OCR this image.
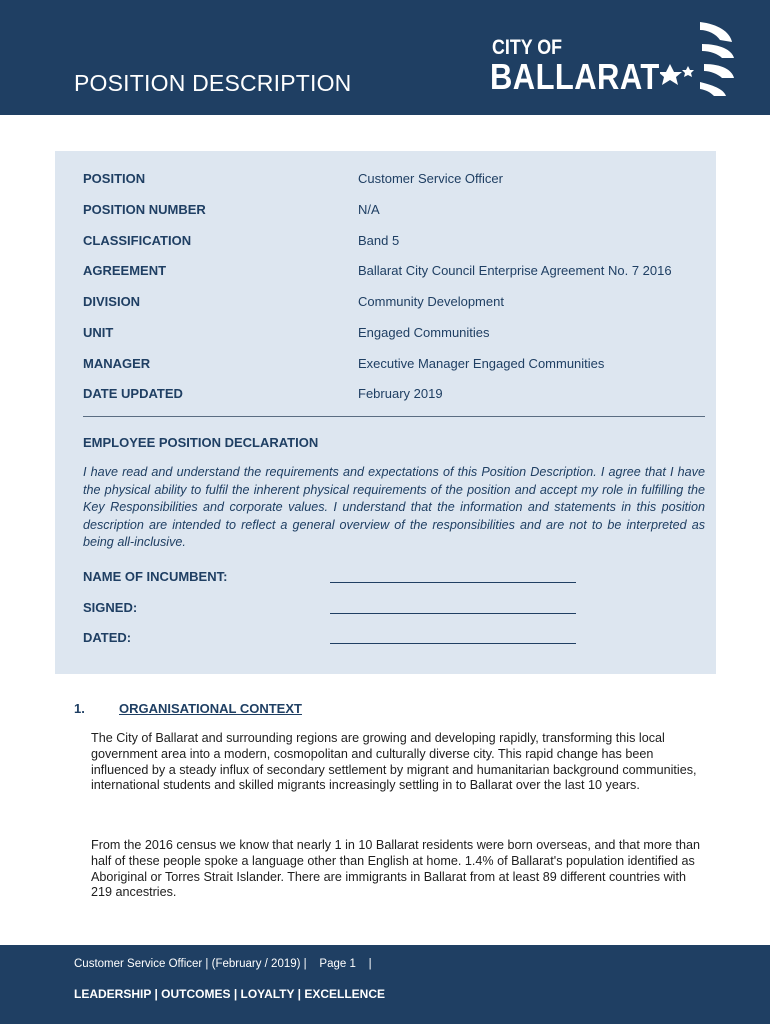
POSITION DESCRIPTION
CITY OF
BALLARAT
POSITION	Customer Service Officer
POSITION NUMBER	N/A
CLASSIFICATION	Band 5
AGREEMENT	Ballarat City Council Enterprise Agreement No. 7 2016
DIVISION	Community Development
UNIT	Engaged Communities
MANAGER	Executive Manager Engaged Communities
DATE UPDATED	February 2019
EMPLOYEE POSITION DECLARATION
I have read and understand the requirements and expectations of this Position Description. I agree that I have the physical ability to fulfil the inherent physical requirements of the position and accept my role in fulfilling the Key Responsibilities and corporate values. I understand that the information and statements in this position description are intended to reflect a general overview of the responsibilities and are not to be interpreted as being all-inclusive.
NAME OF INCUMBENT:
SIGNED:
DATED:
1.	ORGANISATIONAL CONTEXT
The City of Ballarat and surrounding regions are growing and developing rapidly, transforming this local government area into a modern, cosmopolitan and culturally diverse city. This rapid change has been influenced by a steady influx of secondary settlement by migrant and humanitarian background communities, international students and skilled migrants increasingly settling in to Ballarat over the last 10 years.
From the 2016 census we know that nearly 1 in 10 Ballarat residents were born overseas, and that more than half of these people spoke a language other than English at home. 1.4% of Ballarat's population identified as Aboriginal or Torres Strait Islander. There are immigrants in Ballarat from at least 89 different countries with 219 ancestries.
Customer Service Officer | (February / 2019) |    Page 1    |
LEADERSHIP | OUTCOMES | LOYALTY | EXCELLENCE
